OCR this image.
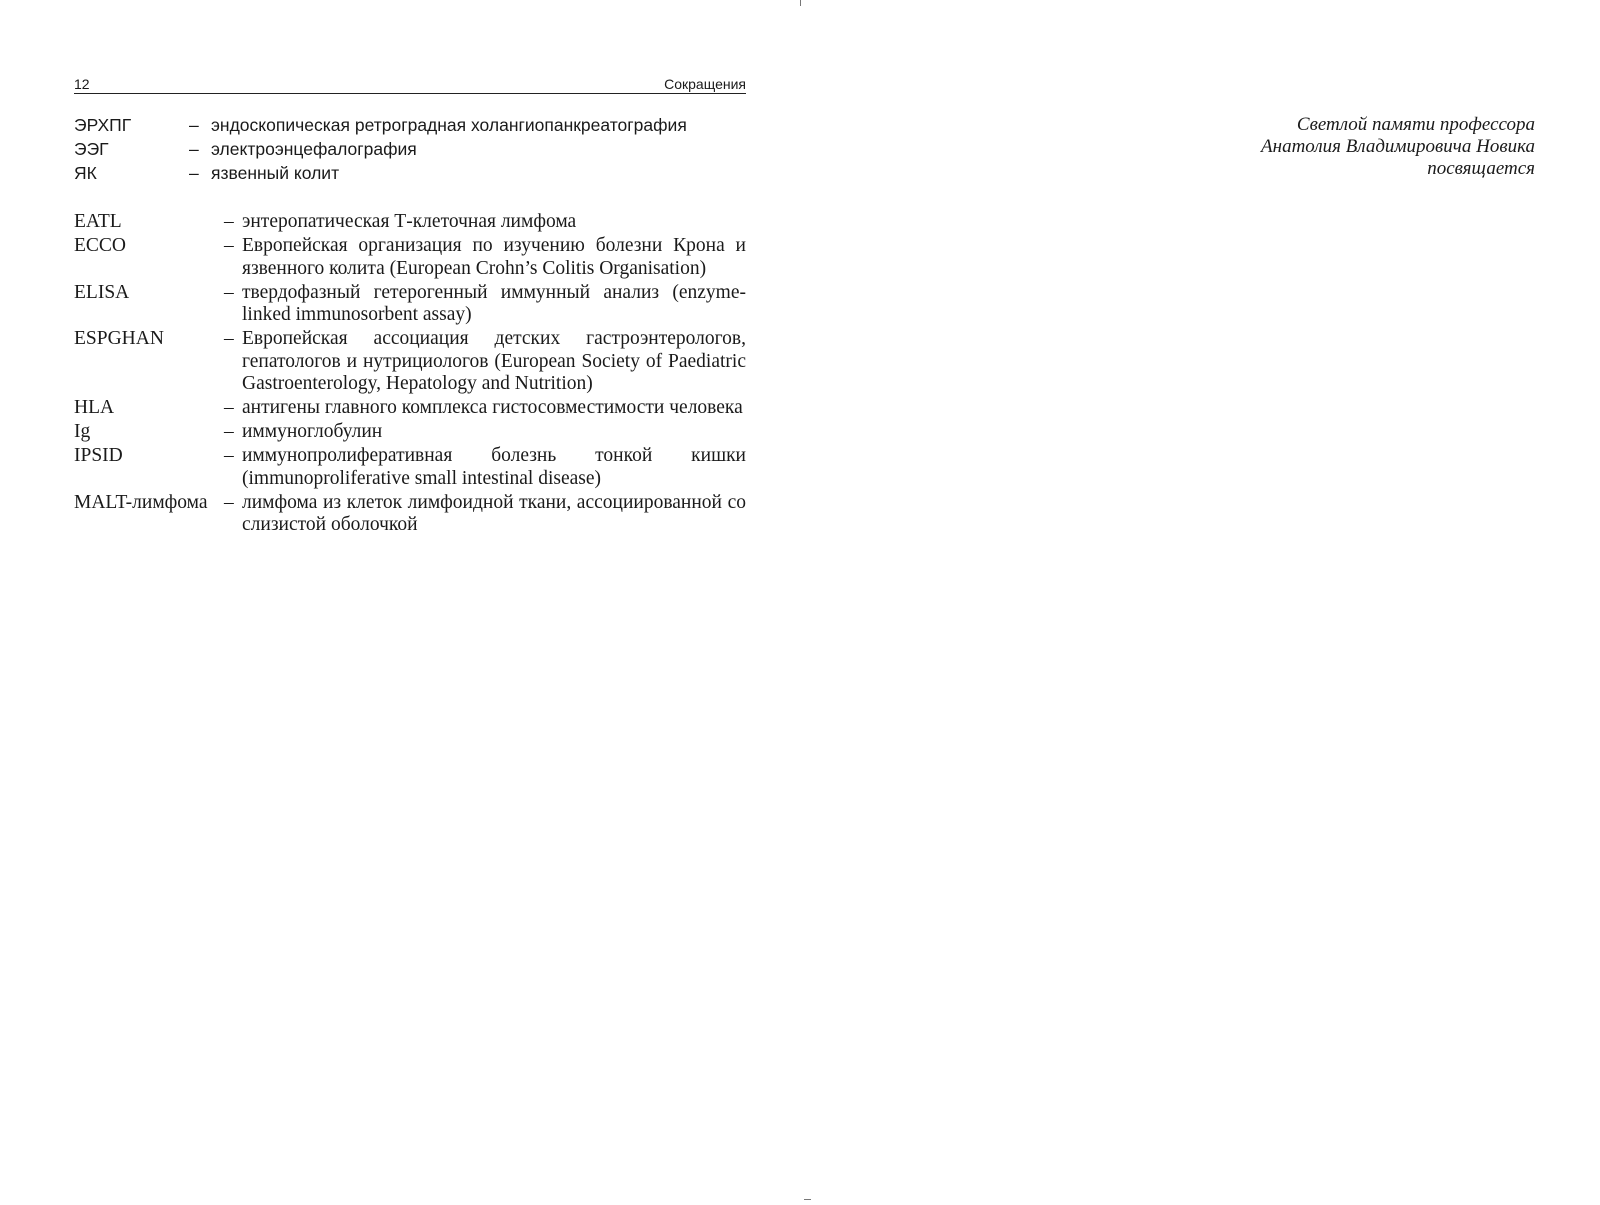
12	Сокращения
ЭРХПГ	– эндоскопическая ретроградная холангиопанкреатография
ЭЭГ	– электроэнцефалография
ЯК	– язвенный колит
EATL	– энтеропатическая Т-клеточная лимфома
ECCO	– Европейская организация по изучению болезни Крона и язвенного колита (European Crohn’s Colitis Organisation)
ELISA	– твердофазный гетерогенный иммунный анализ (enzyme-linked immunosorbent assay)
ESPGHAN	– Европейская ассоциация детских гастроэнтерологов, гепатологов и нутрициологов (European Society of Paediatric Gastroenterology, Hepatology and Nutrition)
HLA	– антигены главного комплекса гистосовместимости человека
Ig	– иммуноглобулин
IPSID	– иммунопролиферативная болезнь тонкой кишки (immunoproliferative small intestinal disease)
MALT-лимфома – лимфома из клеток лимфоидной ткани, ассоциированной со слизистой оболочкой
Светлой памяти профессора
Анатолия Владимировича Новика
посвящается
